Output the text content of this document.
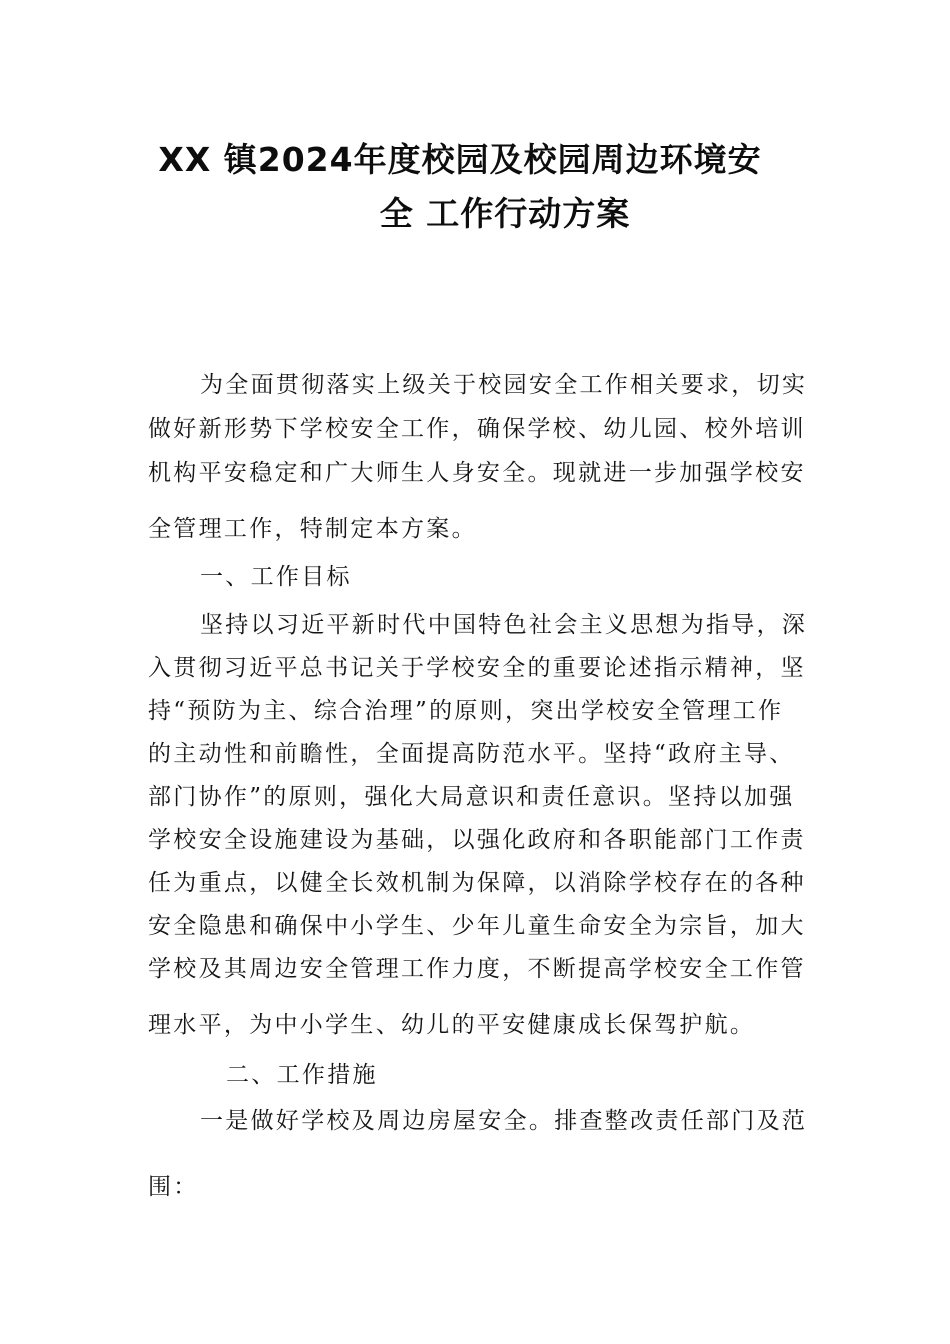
XX 镇2024年度校园及校园周边环境安
全 工作行动方案
为全面贯彻落实上级关于校园安全工作相关要求，切实
做好新形势下学校安全工作，确保学校、幼儿园、校外培训
机构平安稳定和广大师生人身安全。现就进一步加强学校安
全管理工作，特制定本方案。
一、工作目标
坚持以习近平新时代中国特色社会主义思想为指导，深
入贯彻习近平总书记关于学校安全的重要论述指示精神，坚
持“预防为主、综合治理”的原则，突出学校安全管理工作
的主动性和前瞻性，全面提高防范水平。坚持“政府主导、
部门协作”的原则，强化大局意识和责任意识。坚持以加强
学校安全设施建设为基础，以强化政府和各职能部门工作责
任为重点，以健全长效机制为保障，以消除学校存在的各种
安全隐患和确保中小学生、少年儿童生命安全为宗旨，加大
学校及其周边安全管理工作力度，不断提高学校安全工作管
理水平，为中小学生、幼儿的平安健康成长保驾护航。
二、工作措施
一是做好学校及周边房屋安全。排查整改责任部门及范
围：
